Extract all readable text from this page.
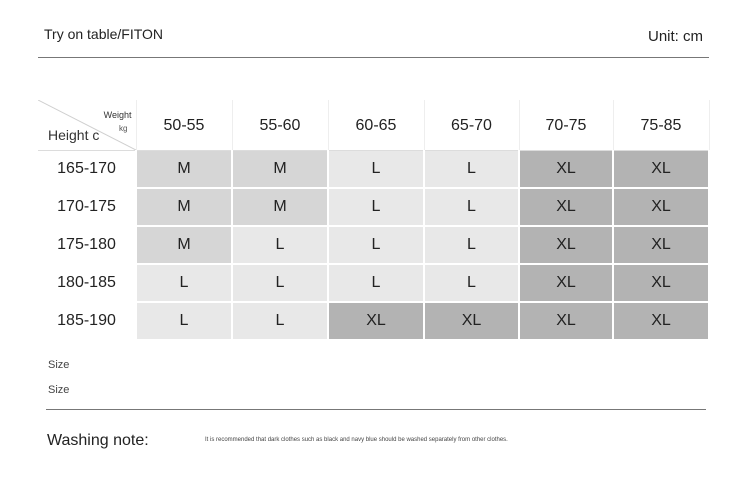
Try on table/FITON	Unit: cm
Weight
kg
Height c	50-55	55-60	60-65	65-70	70-75	75-85
165-170	M	M	L	L	XL	XL
170-175	M	M	L	L	XL	XL
175-180	M	L	L	L	XL	XL
180-185	L	L	L	L	XL	XL
185-190	L	L	XL	XL	XL	XL
Size
Size
Washing note:	It is recommended that dark clothes such as black and navy blue should be washed separately from other clothes.
